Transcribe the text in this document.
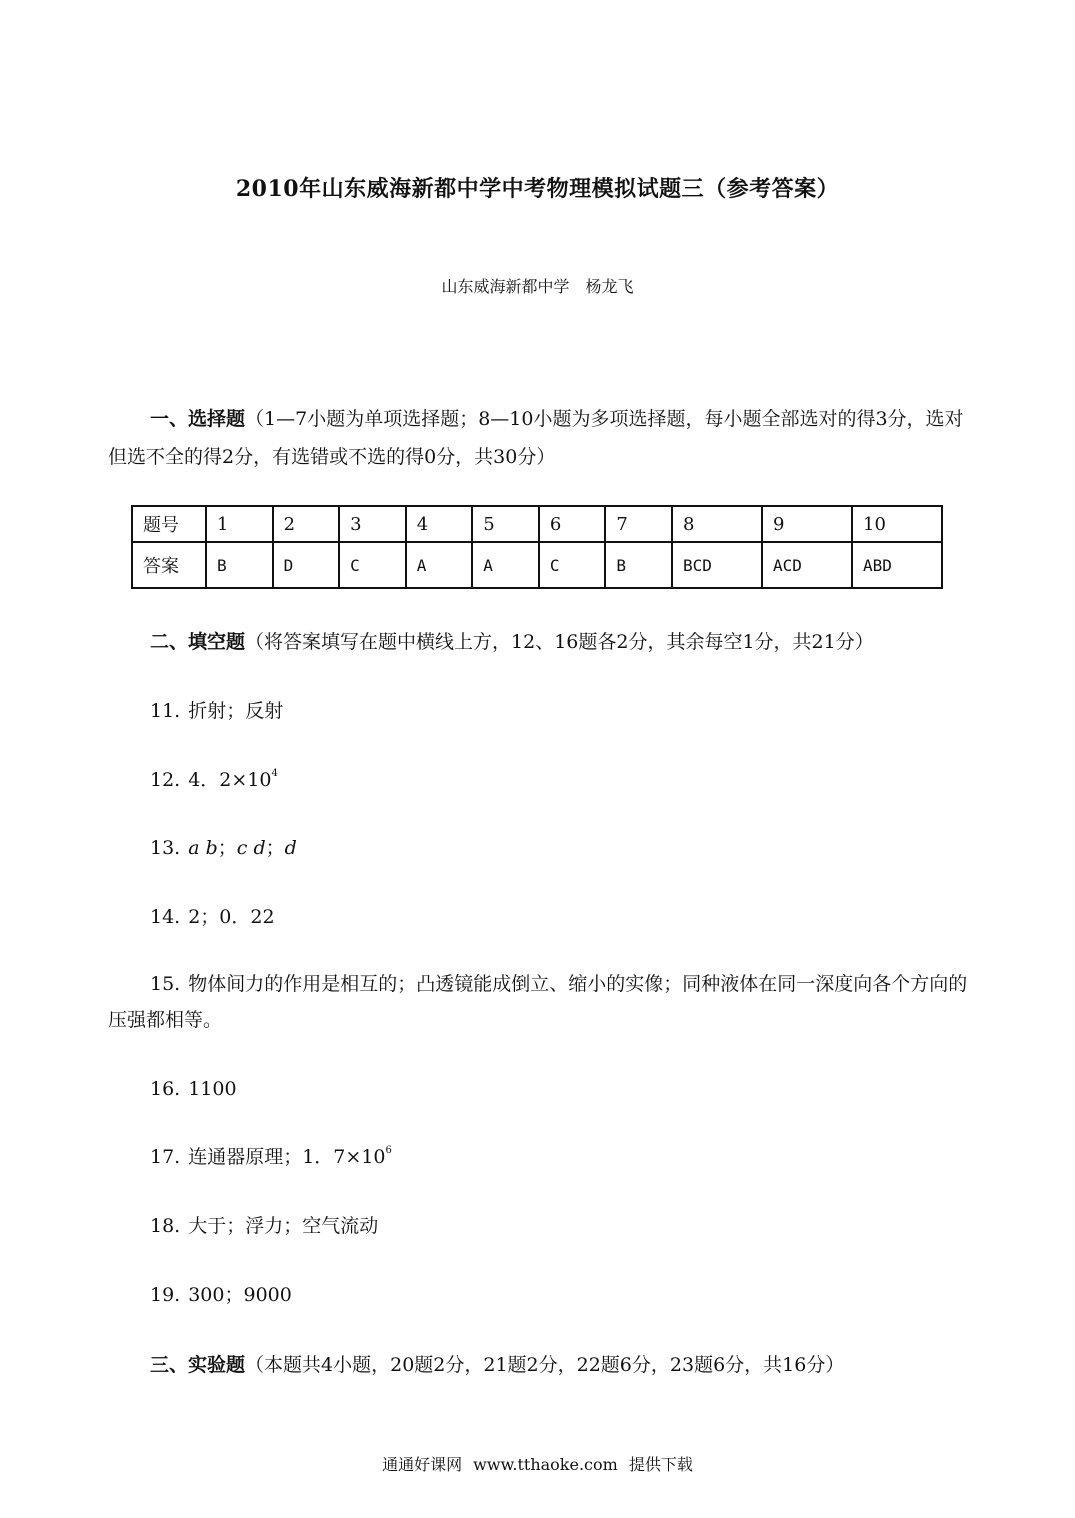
2010年山东威海新都中学中考物理模拟试题三（参考答案）
山东威海新都中学　杨龙飞
一、选择题（1—7小题为单项选择题；8—10小题为多项选择题，每小题全部选对的得3分，选对但选不全的得2分，有选错或不选的得0分，共30分）
题号	1	2	3	4	5	6	7	8	9	10
答案	B	D	C	A	A	C	B	BCD	ACD	ABD
二、填空题（将答案填写在题中横线上方，12、16题各2分，其余每空1分，共21分）
11. 折射；反射
12. 4．$2\times 10^4$
13. a b；c d；d
14. 2；0．22
15. 物体间力的作用是相互的；凸透镜能成倒立、缩小的实像；同种液体在同一深度向各个方向的压强都相等。
16. 1100
17. 连通器原理；1．$7\times 10^6$
18. 大于；浮力；空气流动
19. 300；9000
三、实验题（本题共4小题，20题2分，21题2分，22题6分，23题6分，共16分）
通通好课网 www.tthaoke.com 提供下载
